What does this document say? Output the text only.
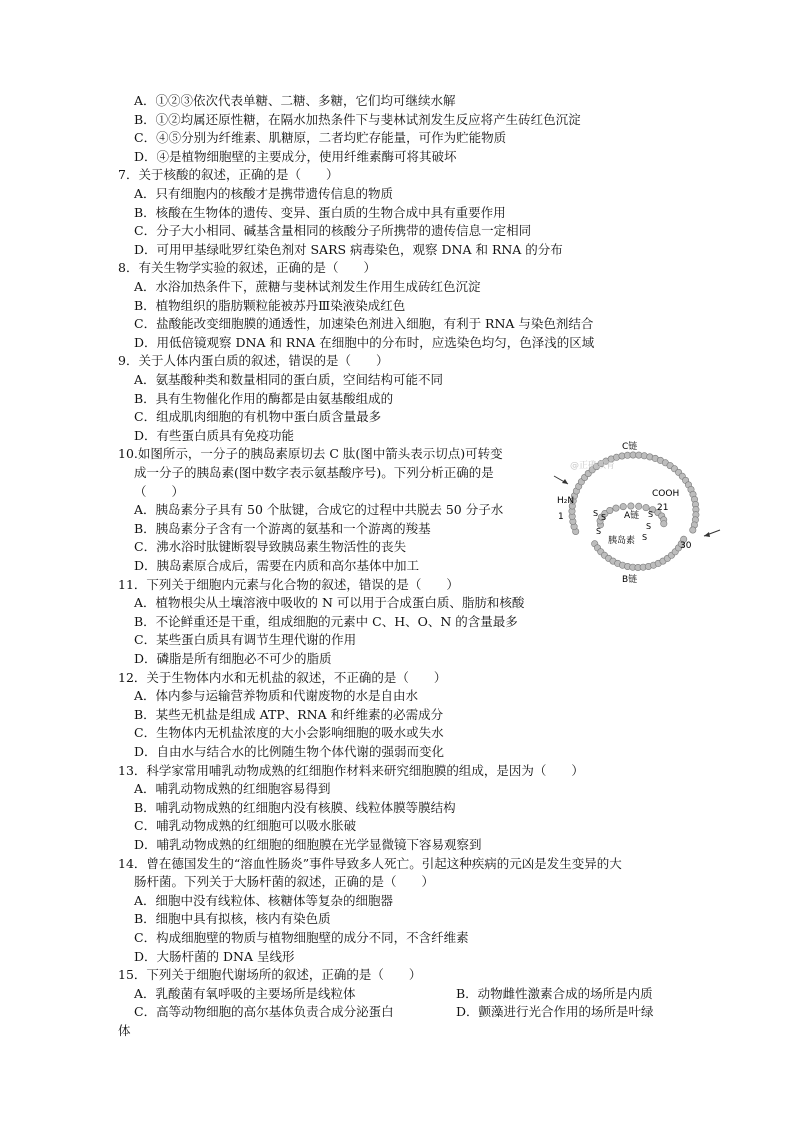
A．①②③依次代表单糖、二糖、多糖，它们均可继续水解
B．①②均属还原性糖，在隔水加热条件下与斐林试剂发生反应将产生砖红色沉淀
C．④⑤分别为纤维素、肌糖原，二者均贮存能量，可作为贮能物质
D．④是植物细胞壁的主要成分，使用纤维素酶可将其破坏
7．关于核酸的叙述，正确的是（　　）
A．只有细胞内的核酸才是携带遗传信息的物质
B．核酸在生物体的遗传、变异、蛋白质的生物合成中具有重要作用
C．分子大小相同、碱基含量相同的核酸分子所携带的遗传信息一定相同
D．可用甲基绿吡罗红染色剂对 SARS 病毒染色，观察 DNA 和 RNA 的分布
8．有关生物学实验的叙述，正确的是（　　）
A．水浴加热条件下，蔗糖与斐林试剂发生作用生成砖红色沉淀
B．植物组织的脂肪颗粒能被苏丹Ⅲ染液染成红色
C．盐酸能改变细胞膜的通透性，加速染色剂进入细胞，有利于 RNA 与染色剂结合
D．用低倍镜观察 DNA 和 RNA 在细胞中的分布时，应选染色均匀，色泽浅的区域
9．关于人体内蛋白质的叙述，错误的是（　　）
A．氨基酸种类和数量相同的蛋白质，空间结构可能不同
B．具有生物催化作用的酶都是由氨基酸组成的
C．组成肌肉细胞的有机物中蛋白质含量最多
D．有些蛋白质具有免疫功能
10.如图所示，一分子的胰岛素原切去 C 肽(图中箭头表示切点)可转变
成一分子的胰岛素(图中数字表示氨基酸序号)。下列分析正确的是
（　　）
A．胰岛素分子具有 50 个肽键，合成它的过程中共脱去 50 分子水
B．胰岛素分子含有一个游离的氨基和一个游离的羧基
C．沸水浴时肽键断裂导致胰岛素生物活性的丧失
D．胰岛素原合成后，需要在内质和高尔基体中加工
11．下列关于细胞内元素与化合物的叙述，错误的是（　　）
A．植物根尖从土壤溶液中吸收的 N 可以用于合成蛋白质、脂肪和核酸
B．不论鲜重还是干重，组成细胞的元素中 C、H、O、N 的含量最多
C．某些蛋白质具有调节生理代谢的作用
D．磷脂是所有细胞必不可少的脂质
12．关于生物体内水和无机盐的叙述，不正确的是（　　）
A．体内参与运输营养物质和代谢废物的水是自由水
B．某些无机盐是组成 ATP、RNA 和纤维素的必需成分
C．生物体内无机盐浓度的大小会影响细胞的吸水或失水
D．自由水与结合水的比例随生物个体代谢的强弱而变化
13．科学家常用哺乳动物成熟的红细胞作材料来研究细胞膜的组成，是因为（　　）
A．哺乳动物成熟的红细胞容易得到
B．哺乳动物成熟的红细胞内没有核膜、线粒体膜等膜结构
C．哺乳动物成熟的红细胞可以吸水胀破
D．哺乳动物成熟的红细胞的细胞膜在光学显微镜下容易观察到
14．曾在德国发生的“溶血性肠炎”事件导致多人死亡。引起这种疾病的元凶是发生变异的大
肠杆菌。下列关于大肠杆菌的叙述，正确的是（　　）
A．细胞中没有线粒体、核糖体等复杂的细胞器
B．细胞中具有拟核，核内有染色质
C．构成细胞壁的物质与植物细胞壁的成分不同，不含纤维素
D．大肠杆菌的 DNA 呈线形
15．下列关于细胞代谢场所的叙述，正确的是（　　）
A．乳酸菌有氧呼吸的主要场所是线粒体	B．动物雌性激素合成的场所是内质
C．高等动物细胞的高尔基体负责合成分泌蛋白	D．颤藻进行光合作用的场所是叶绿
体
@正确教育
C链
H₂N
COOH
1
21
A链
胰岛素	30
B链
S S	S
S
S
S
